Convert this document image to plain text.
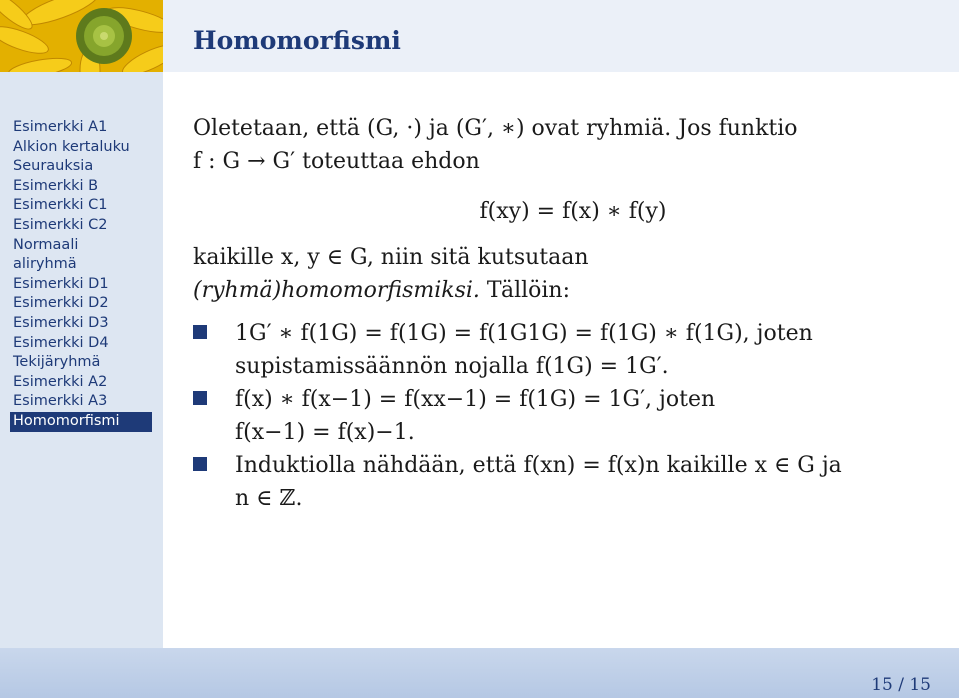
Homomorfismi
Esimerkki A1
Alkion kertaluku
Seurauksia
Esimerkki B
Esimerkki C1
Esimerkki C2
Normaali
aliryhmä
Esimerkki D1
Esimerkki D2
Esimerkki D3
Esimerkki D4
Tekijäryhmä
Esimerkki A2
Esimerkki A3
Homomorfismi

Oletetaan, että (G, ·) ja (G′, ∗) ovat ryhmiä. Jos funktio

f : G → G′ toteuttaa ehdon

f(xy) = f(x) ∗ f(y)

kaikille x, y ∈ G, niin sitä kutsutaan

(ryhmä)homomorfismiksi. Tällöin:

1G′ ∗ f(1G) = f(1G) = f(1G1G) = f(1G) ∗ f(1G), joten
supistamissäännön nojalla f(1G) = 1G′.
f(x) ∗ f(x−1) = f(xx−1) = f(1G) = 1G′, joten
f(x−1) = f(x)−1.
Induktiolla nähdään, että f(xn) = f(x)n kaikille x ∈ G ja
n ∈ ℤ.
15 / 15
